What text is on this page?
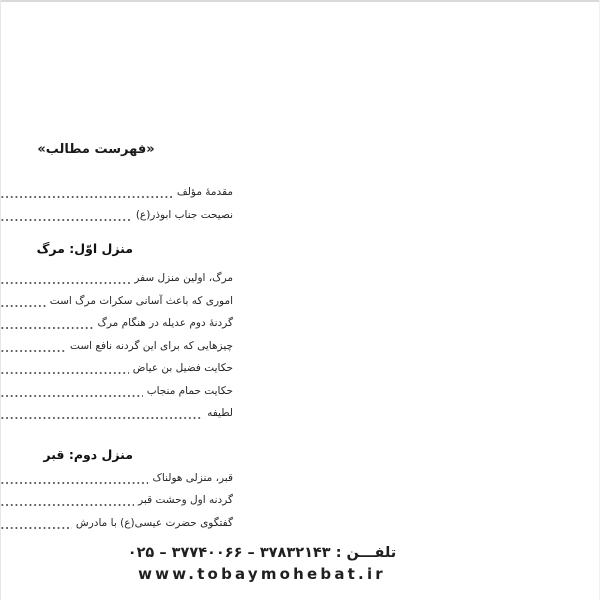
«فهرست مطالب»
مقدمهٔ مؤلف
نصیحت جناب ابوذر(ع)
منزل اوّل: مرگ
مرگ، اولین منزل سفر
اموری که باعث آسانی سکرات مرگ است
گردنهٔ دوم عدیله در هنگام مرگ
چیزهایی که برای این گردنه نافع است
حکایت فضیل بن عیاض
حکایت حمام منجاب
لطیفه
منزل دوم: قبر
قبر، منزلی هولناک
گردنه اول وحشت قبر
گفتگوی حضرت عیسی(ع) با مادرش
تلفـــن : ۳۷۸۳۲۱۴۳ – ۳۷۷۴۰۰۶۶ – ۰۲۵
www.tobaymohebat.ir
